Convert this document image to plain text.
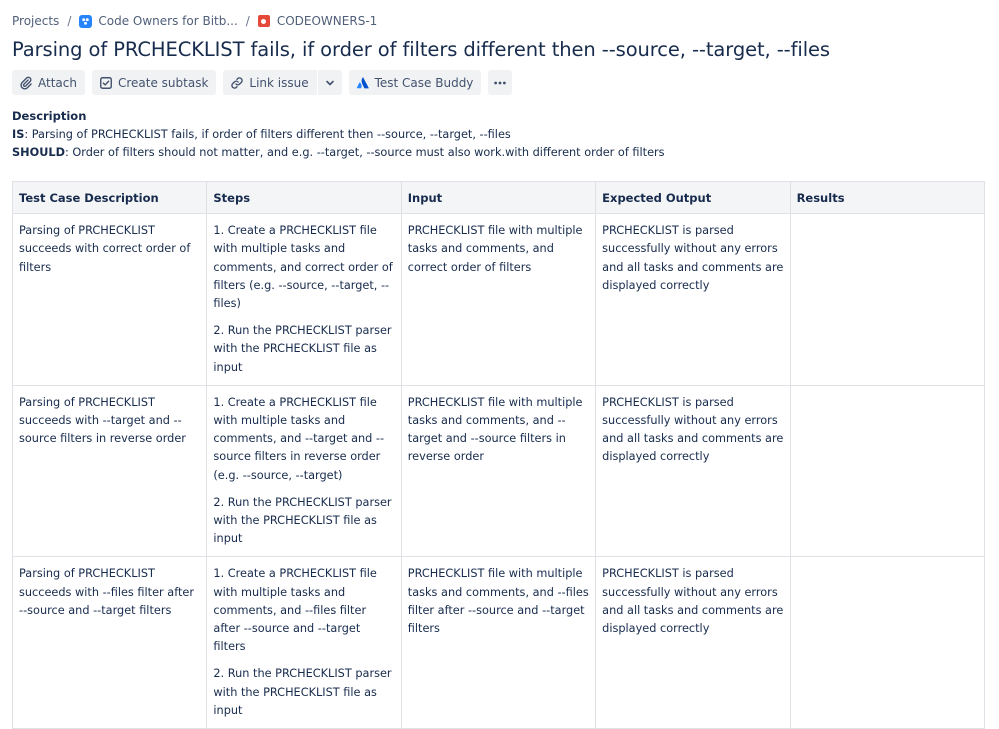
Projects / Code Owners for Bitb... / CODEOWNERS-1
Parsing of PRCHECKLIST fails, if order of filters different then --source, --target, --files
Attach	Create subtask	Link issue	Test Case Buddy
Description
IS: Parsing of PRCHECKLIST fails, if order of filters different then --source, --target, --files
SHOULD: Order of filters should not matter, and e.g. --target, --source must also work.with different order of filters
Test Case Description	Steps	Input	Expected Output	Results
Parsing of PRCHECKLIST succeeds with correct order of filters	1. Create a PRCHECKLIST file with multiple tasks and comments, and correct order of filters (e.g. --source, --target, --files)

2. Run the PRCHECKLIST parser with the PRCHECKLIST file as input	PRCHECKLIST file with multiple tasks and comments, and correct order of filters	PRCHECKLIST is parsed successfully without any errors and all tasks and comments are displayed correctly	
Parsing of PRCHECKLIST succeeds with --target and --source filters in reverse order	1. Create a PRCHECKLIST file with multiple tasks and comments, and --target and --source filters in reverse order (e.g. --source, --target)

2. Run the PRCHECKLIST parser with the PRCHECKLIST file as input	PRCHECKLIST file with multiple tasks and comments, and --target and --source filters in reverse order	PRCHECKLIST is parsed successfully without any errors and all tasks and comments are displayed correctly	
Parsing of PRCHECKLIST succeeds with --files filter after --source and --target filters	1. Create a PRCHECKLIST file with multiple tasks and comments, and --files filter after --source and --target filters

2. Run the PRCHECKLIST parser with the PRCHECKLIST file as input	PRCHECKLIST file with multiple tasks and comments, and --files filter after --source and --target filters	PRCHECKLIST is parsed successfully without any errors and all tasks and comments are displayed correctly	
